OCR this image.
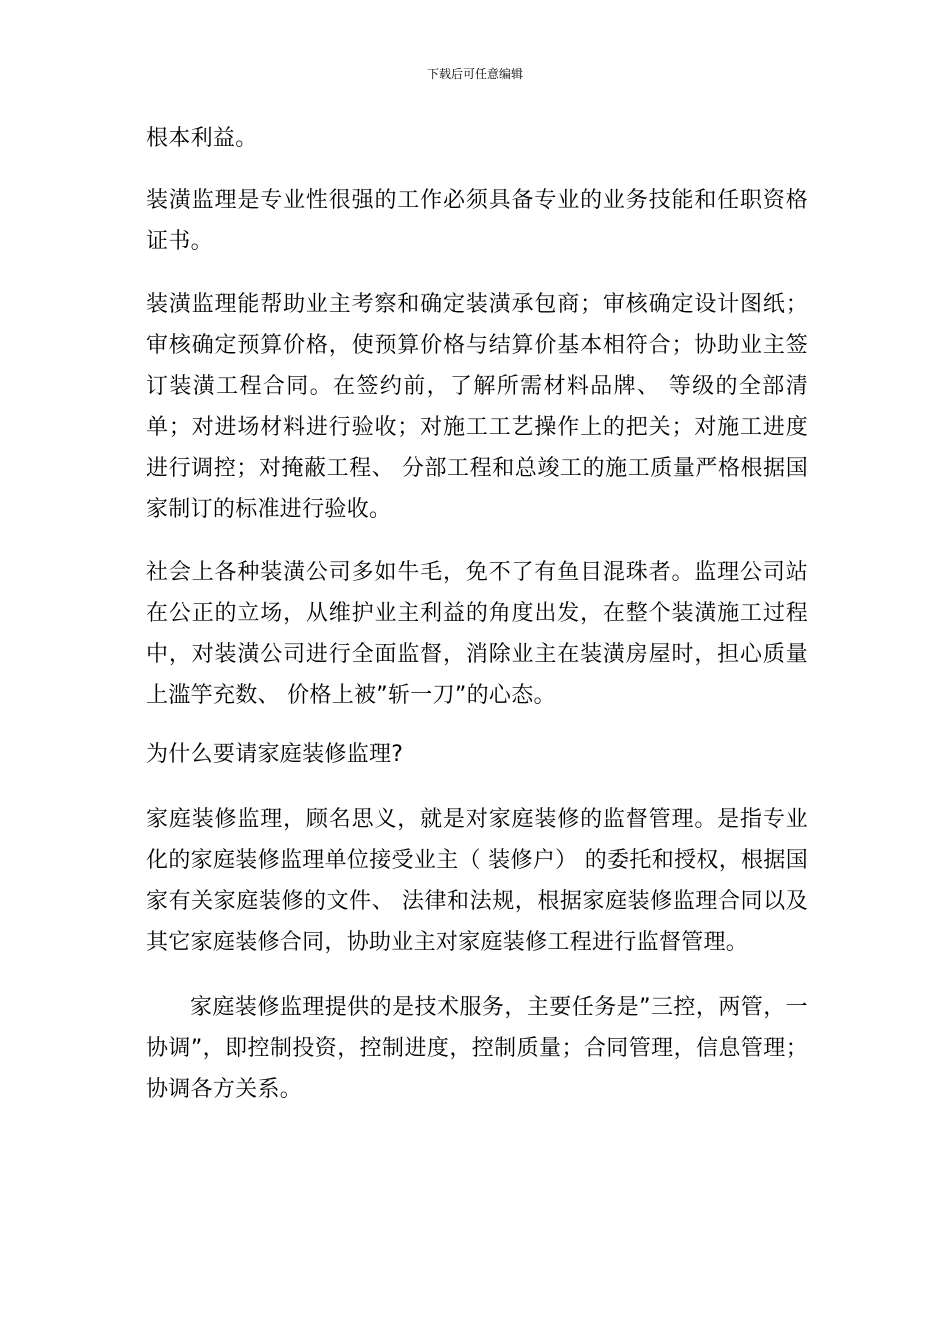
下载后可任意编辑

根本利益。

装潢监理是专业性很强的工作必须具备专业的业务技能和任职资格证书。

装潢监理能帮助业主考察和确定装潢承包商；审核确定设计图纸；审核确定预算价格，使预算价格与结算价基本相符合；协助业主签订装潢工程合同。在签约前，了解所需材料品牌、 等级的全部清单；对进场材料进行验收；对施工工艺操作上的把关；对施工进度进行调控；对掩蔽工程、 分部工程和总竣工的施工质量严格根据国家制订的标准进行验收。

社会上各种装潢公司多如牛毛，免不了有鱼目混珠者。监理公司站在公正的立场，从维护业主利益的角度出发，在整个装潢施工过程中，对装潢公司进行全面监督，消除业主在装潢房屋时，担心质量上滥竽充数、 价格上被”斩一刀”的心态。

为什么要请家庭装修监理?

家庭装修监理，顾名思义，就是对家庭装修的监督管理。是指专业化的家庭装修监理单位接受业主（ 装修户） 的委托和授权，根据国家有关家庭装修的文件、 法律和法规，根据家庭装修监理合同以及其它家庭装修合同，协助业主对家庭装修工程进行监督管理。

家庭装修监理提供的是技术服务，主要任务是”三控，两管，一协调”，即控制投资，控制进度，控制质量；合同管理，信息管理；协调各方关系。
